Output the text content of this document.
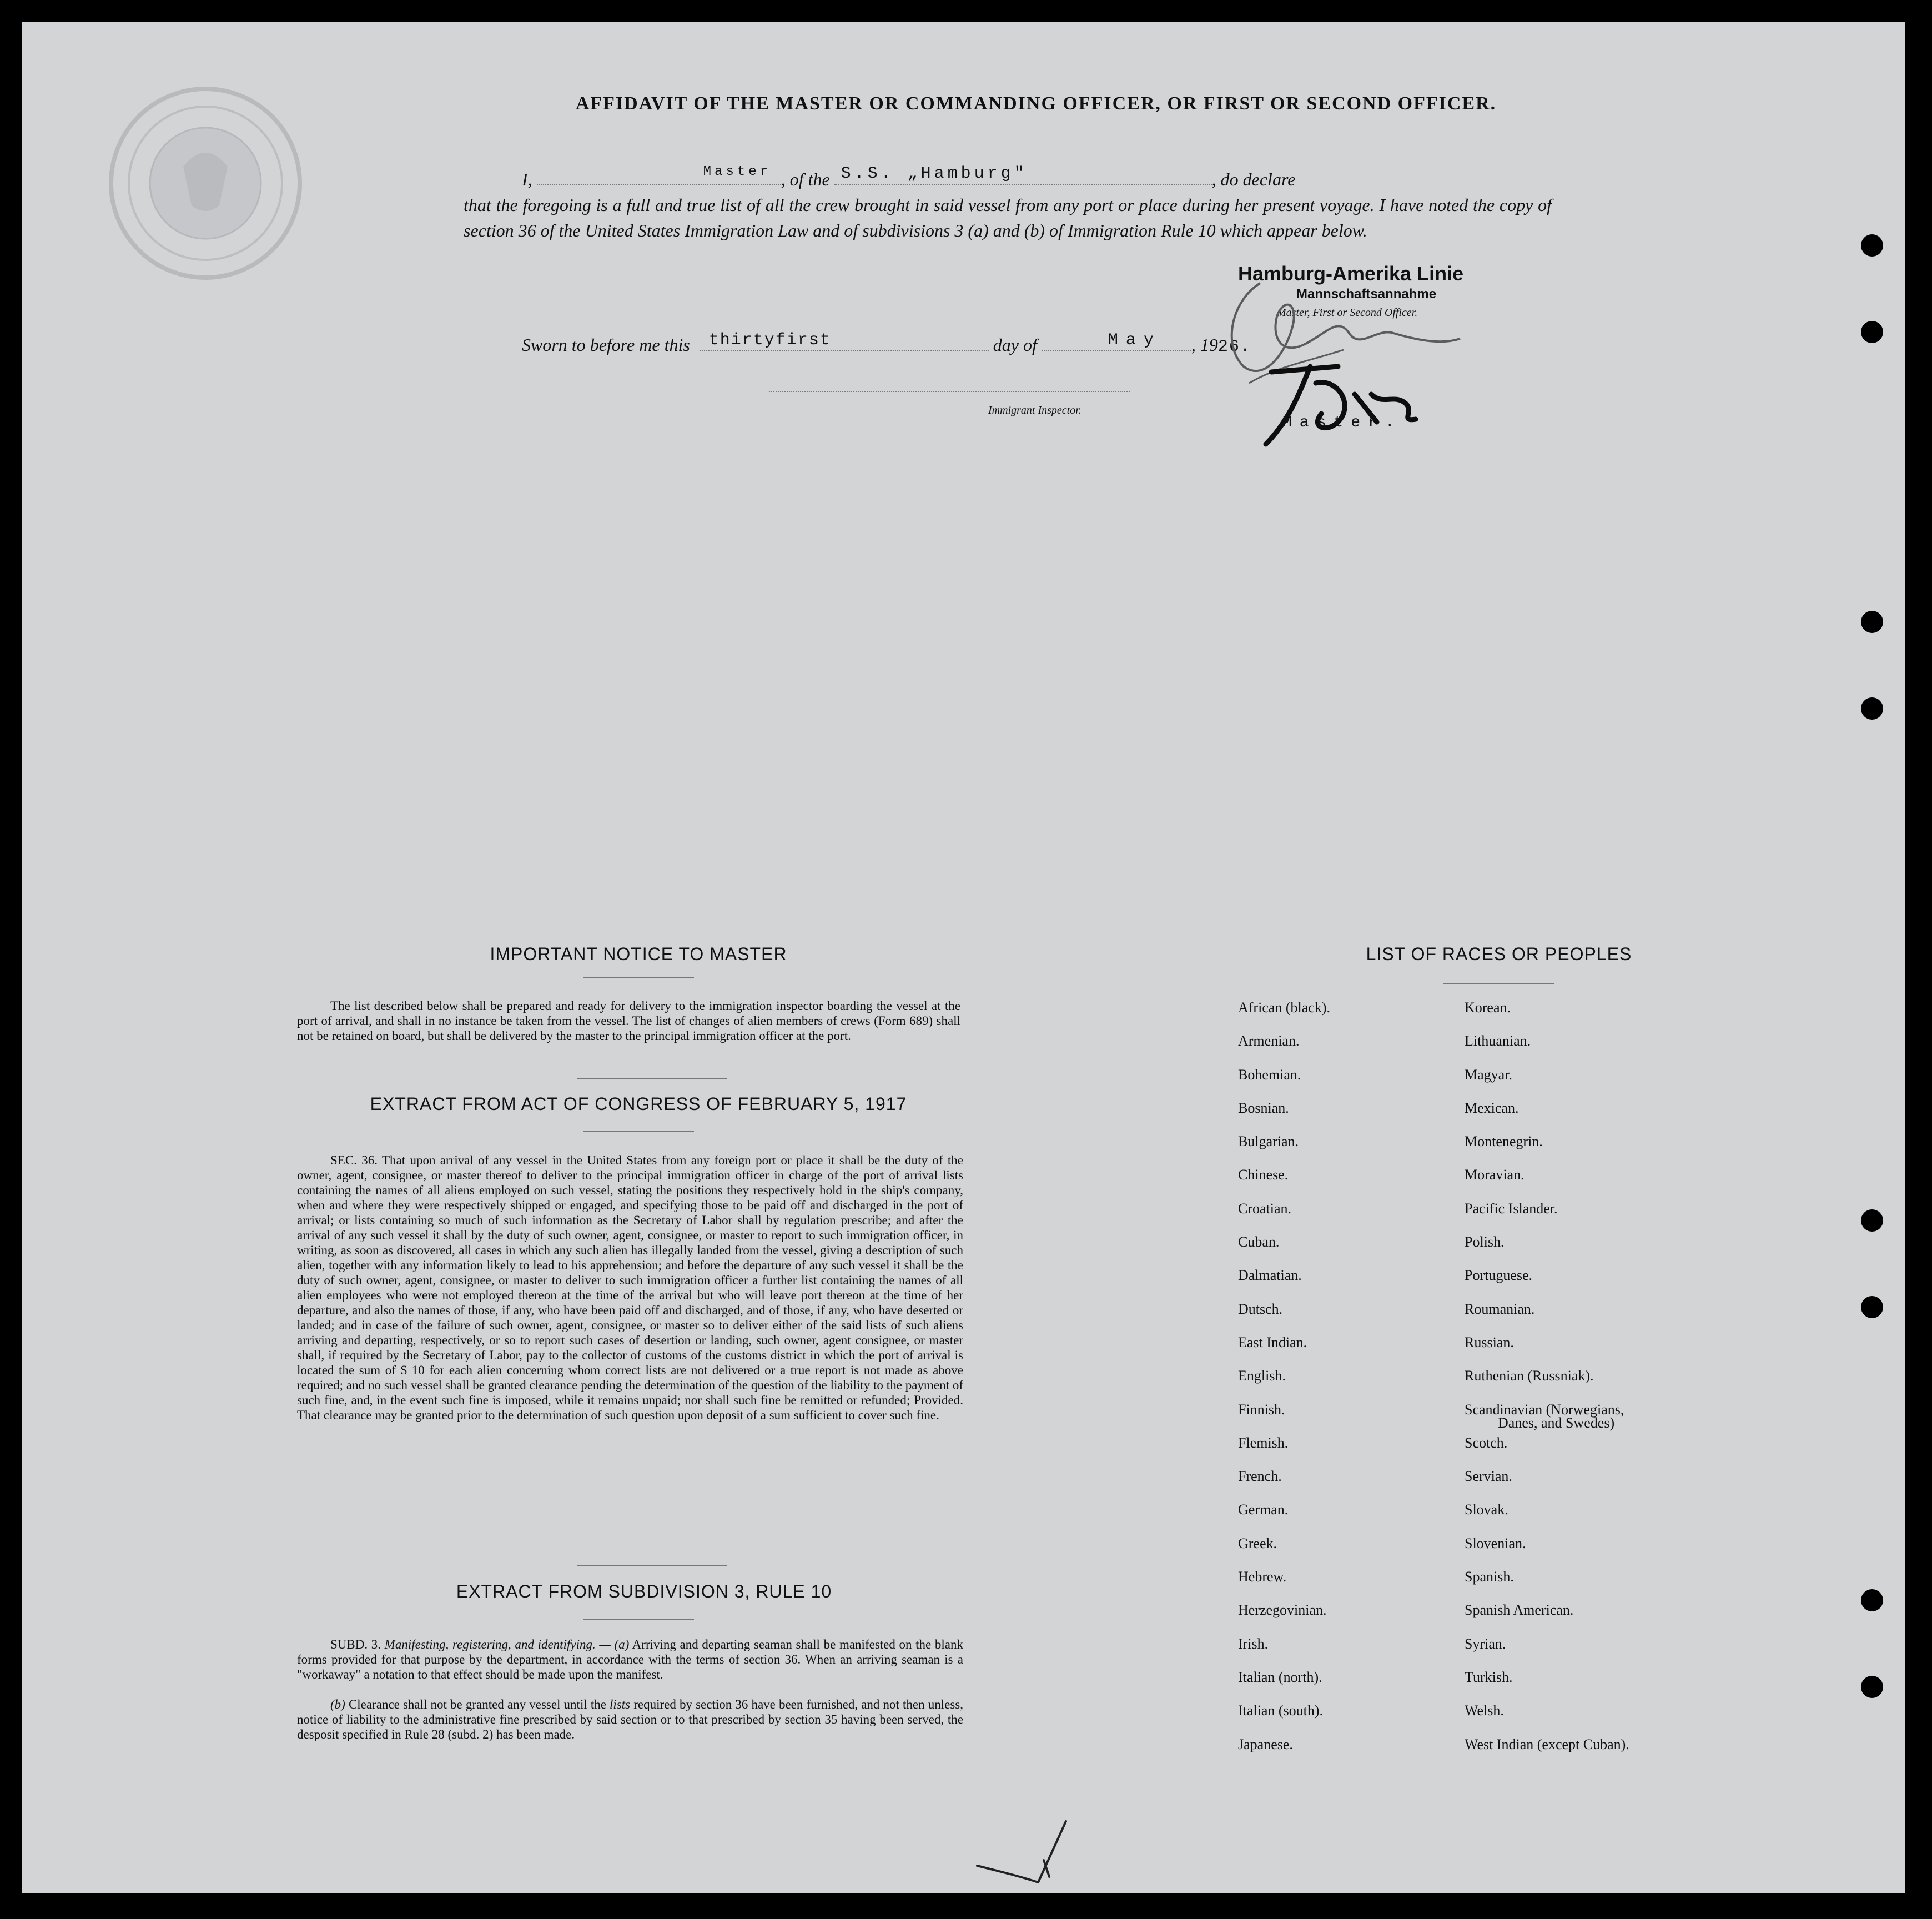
AFFIDAVIT OF THE MASTER OR COMMANDING OFFICER, OR FIRST OR SECOND OFFICER.
I,	Master , of the S.S. „Hamburg"	, do declare
that the foregoing is a full and true list of all the crew brought in said vessel from any port or place during her present voyage. I have noted the copy of section 36 of the United States Immigration Law and of subdivisions 3 (a) and (b) of Immigration Rule 10 which appear below.
Sworn to before me this thirtyfirst	day of	May , 1926.
Immigrant Inspector.
Hamburg-Amerika Linie
Mannschaftsannahme
Master, First or Second Officer.
Master.
IMPORTANT NOTICE TO MASTER
The list described below shall be prepared and ready for delivery to the immigration inspector boarding the vessel at the port of arrival, and shall in no instance be taken from the vessel. The list of changes of alien members of crews (Form 689) shall not be retained on board, but shall be delivered by the master to the principal immigration officer at the port.
EXTRACT FROM ACT OF CONGRESS OF FEBRUARY 5, 1917
SEC. 36. That upon arrival of any vessel in the United States from any foreign port or place it shall be the duty of the owner, agent, consignee, or master thereof to deliver to the principal immigration officer in charge of the port of arrival lists containing the names of all aliens employed on such vessel, stating the positions they respectively hold in the ship's company, when and where they were respectively shipped or engaged, and specifying those to be paid off and discharged in the port of arrival; or lists containing so much of such information as the Secretary of Labor shall by regulation prescribe; and after the arrival of any such vessel it shall by the duty of such owner, agent, consignee, or master to report to such immigration officer, in writing, as soon as discovered, all cases in which any such alien has illegally landed from the vessel, giving a description of such alien, together with any information likely to lead to his apprehension; and before the departure of any such vessel it shall be the duty of such owner, agent, consignee, or master to deliver to such immigration officer a further list containing the names of all alien employees who were not employed thereon at the time of the arrival but who will leave port thereon at the time of her departure, and also the names of those, if any, who have been paid off and discharged, and of those, if any, who have deserted or landed; and in case of the failure of such owner, agent, consignee, or master so to deliver either of the said lists of such aliens arriving and departing, respectively, or so to report such cases of desertion or landing, such owner, agent consignee, or master shall, if required by the Secretary of Labor, pay to the collector of customs of the customs district in which the port of arrival is located the sum of $ 10 for each alien concerning whom correct lists are not delivered or a true report is not made as above required; and no such vessel shall be granted clearance pending the determination of the question of the liability to the payment of such fine, and, in the event such fine is imposed, while it remains unpaid; nor shall such fine be remitted or refunded; Provided. That clearance may be granted prior to the determination of such question upon deposit of a sum sufficient to cover such fine.
EXTRACT FROM SUBDIVISION 3, RULE 10
SUBD. 3. Manifesting, registering, and identifying. — (a) Arriving and departing seaman shall be manifested on the blank forms provided for that purpose by the department, in accordance with the terms of section 36. When an arriving seaman is a "workaway" a notation to that effect should be made upon the manifest.
(b) Clearance shall not be granted any vessel until the lists required by section 36 have been furnished, and not then unless, notice of liability to the administrative fine prescribed by said section or to that prescribed by section 35 having been served, the desposit specified in Rule 28 (subd. 2) has been made.
LIST OF RACES OR PEOPLES
African (black).
Armenian.
Bohemian.
Bosnian.
Bulgarian.
Chinese.
Croatian.
Cuban.
Dalmatian.
Dutsch.
East Indian.
English.
Finnish.
Flemish.
French.
German.
Greek.
Hebrew.
Herzegovinian.
Irish.
Italian (north).
Italian (south).
Japanese.
Korean.
Lithuanian.
Magyar.
Mexican.
Montenegrin.
Moravian.
Pacific Islander.
Polish.
Portuguese.
Roumanian.
Russian.
Ruthenian (Russniak).
Scandinavian (Norwegians,
Danes, and Swedes)
Scotch.
Servian.
Slovak.
Slovenian.
Spanish.
Spanish American.
Syrian.
Turkish.
Welsh.
West Indian (except Cuban).
